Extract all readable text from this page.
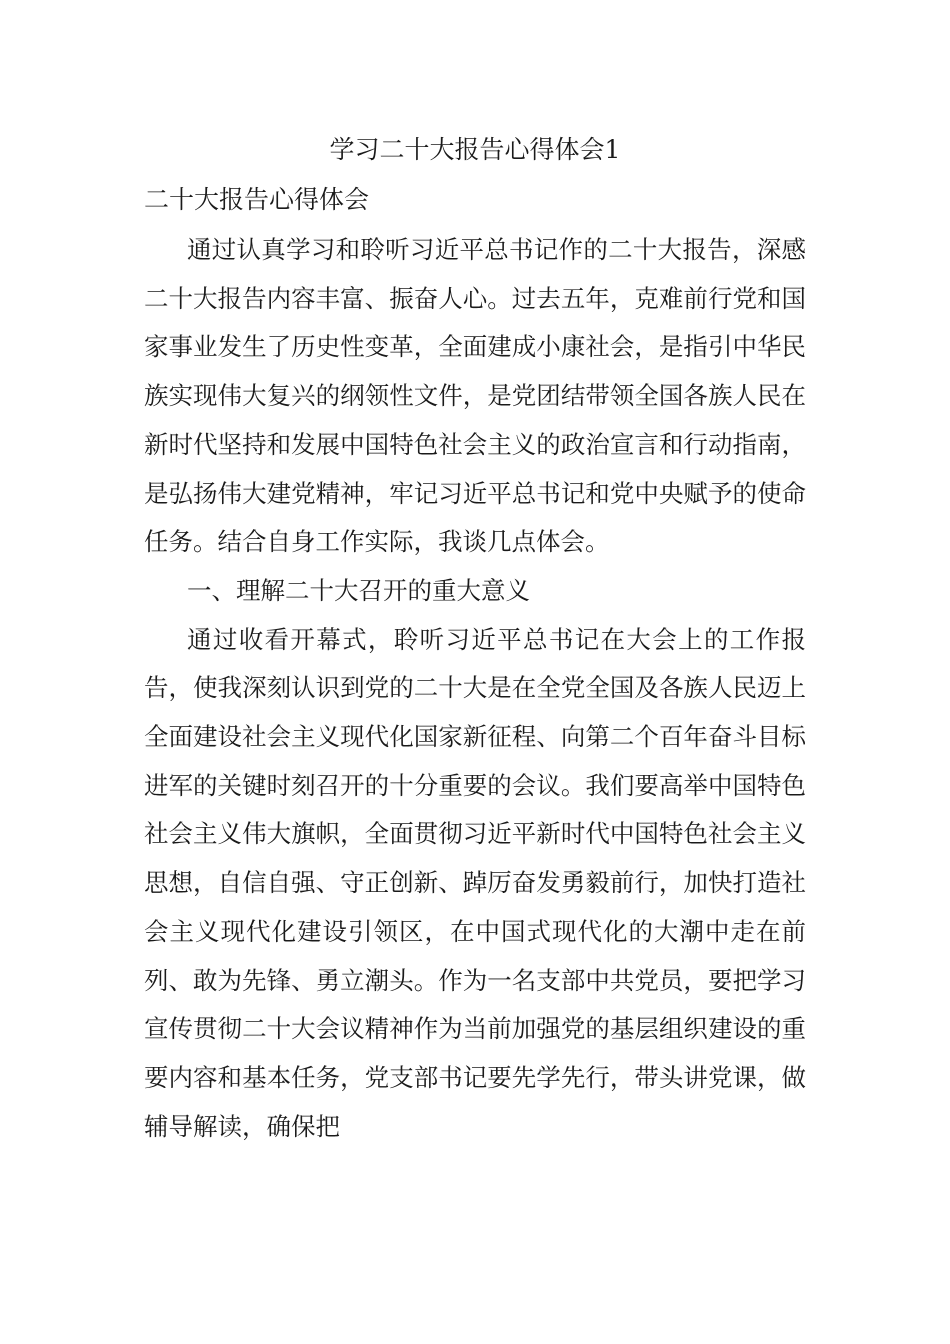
学习二十大报告心得体会1
二十大报告心得体会

通过认真学习和聆听习近平总书记作的二十大报告，深感二十大报告内容丰富、振奋人心。过去五年，克难前行党和国家事业发生了历史性变革，全面建成小康社会，是指引中华民族实现伟大复兴的纲领性文件，是党团结带领全国各族人民在新时代坚持和发展中国特色社会主义的政治宣言和行动指南，是弘扬伟大建党精神，牢记习近平总书记和党中央赋予的使命任务。结合自身工作实际，我谈几点体会。

一、理解二十大召开的重大意义

通过收看开幕式，聆听习近平总书记在大会上的工作报告，使我深刻认识到党的二十大是在全党全国及各族人民迈上全面建设社会主义现代化国家新征程、向第二个百年奋斗目标进军的关键时刻召开的十分重要的会议。我们要高举中国特色社会主义伟大旗帜，全面贯彻习近平新时代中国特色社会主义思想，自信自强、守正创新、踔厉奋发勇毅前行，加快打造社会主义现代化建设引领区，在中国式现代化的大潮中走在前列、敢为先锋、勇立潮头。作为一名支部中共党员，要把学习宣传贯彻二十大会议精神作为当前加强党的基层组织建设的重要内容和基本任务，党支部书记要先学先行，带头讲党课，做辅导解读，确保把
